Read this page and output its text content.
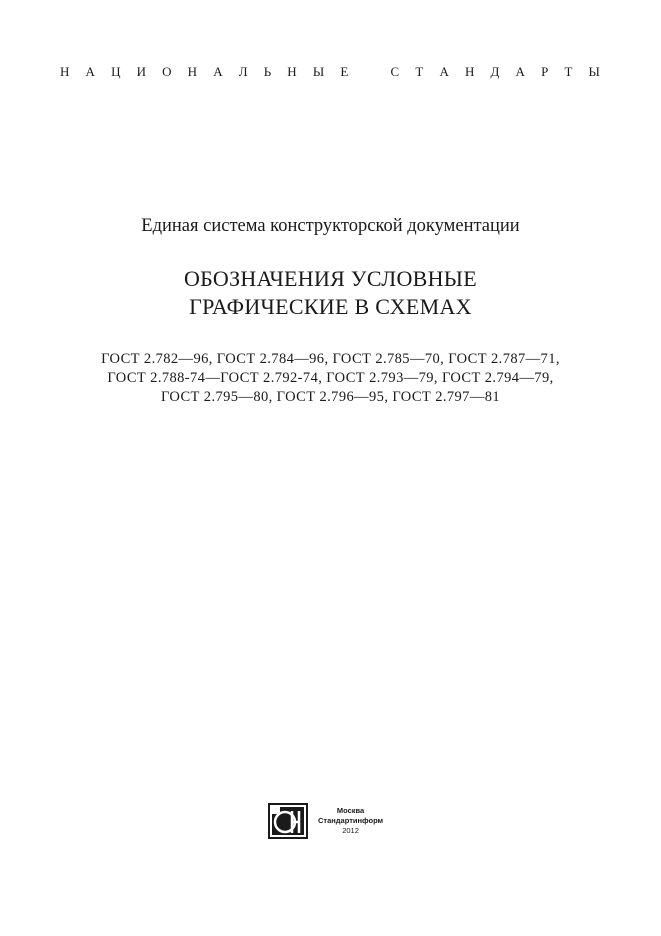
Н А Ц И О Н А Л Ь Н Ы Е
	С Т А Н Д А Р Т Ы
Единая система конструкторской документации
ОБОЗНАЧЕНИЯ УСЛОВНЫЕ
ГРАФИЧЕСКИЕ В СХЕМАХ
ГОСТ 2.782—96, ГОСТ 2.784—96, ГОСТ 2.785—70, ГОСТ 2.787—71,
ГОСТ 2.788-74—ГОСТ 2.792-74, ГОСТ 2.793—79, ГОСТ 2.794—79,
ГОСТ 2.795—80, ГОСТ 2.796—95, ГОСТ 2.797—81
Москва
Стандартинформ
2012
